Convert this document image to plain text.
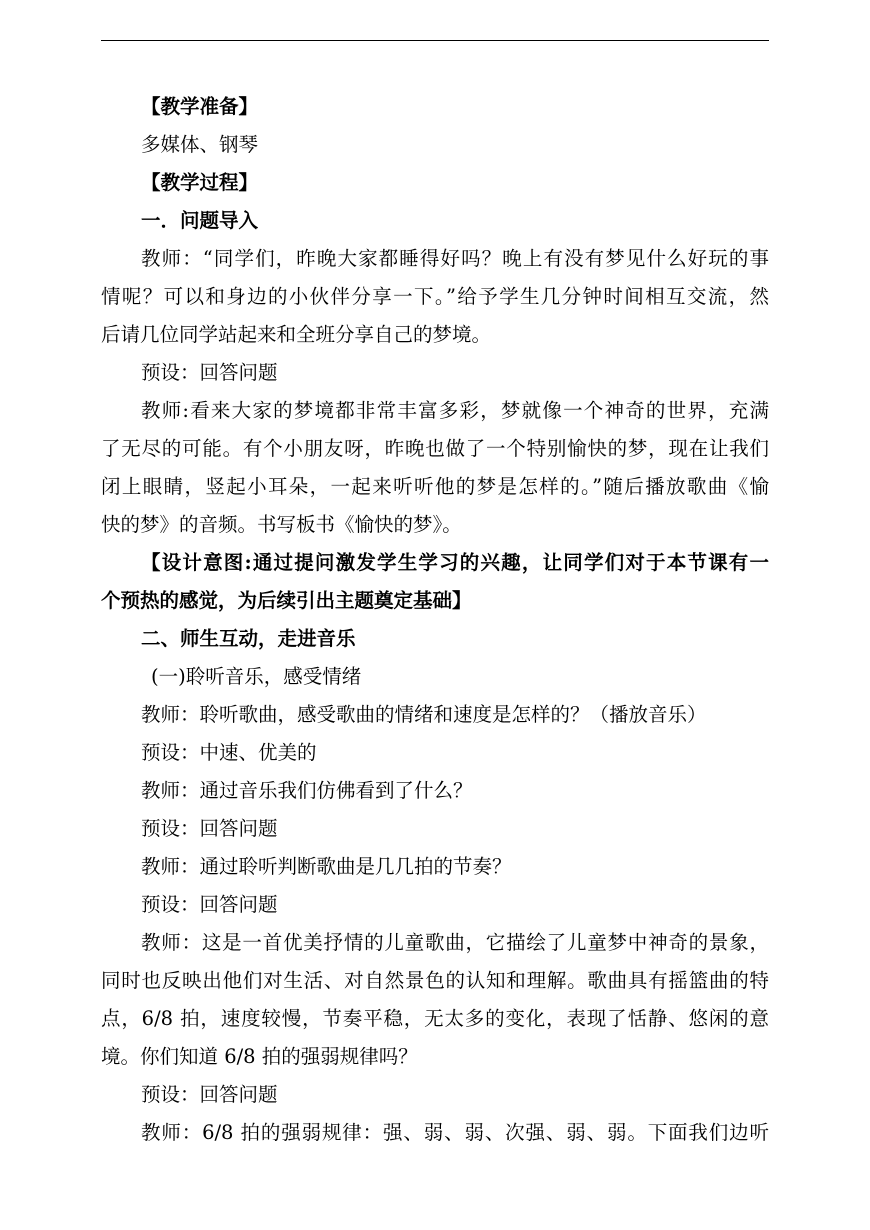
【教学准备】
多媒体、钢琴
【教学过程】
一．问题导入
教师：“同学们，昨晚大家都睡得好吗？晚上有没有梦见什么好玩的事
情呢？可以和身边的小伙伴分享一下。”给予学生几分钟时间相互交流，然
后请几位同学站起来和全班分享自己的梦境。
预设：回答问题
教师:看来大家的梦境都非常丰富多彩，梦就像一个神奇的世界，充满
了无尽的可能。有个小朋友呀，昨晚也做了一个特别愉快的梦，现在让我们
闭上眼睛，竖起小耳朵，一起来听听他的梦是怎样的。”随后播放歌曲《愉
快的梦》的音频。书写板书《愉快的梦》。
【设计意图:通过提问激发学生学习的兴趣，让同学们对于本节课有一
个预热的感觉，为后续引出主题奠定基础】
二、师生互动，走进音乐
(一)聆听音乐，感受情绪
教师：聆听歌曲，感受歌曲的情绪和速度是怎样的？（播放音乐）
预设：中速、优美的
教师：通过音乐我们仿佛看到了什么？
预设：回答问题
教师：通过聆听判断歌曲是几几拍的节奏？
预设：回答问题
教师：这是一首优美抒情的儿童歌曲，它描绘了儿童梦中神奇的景象，
同时也反映出他们对生活、对自然景色的认知和理解。歌曲具有摇篮曲的特
点，6/8 拍，速度较慢，节奏平稳，无太多的变化，表现了恬静、悠闲的意
境。你们知道 6/8 拍的强弱规律吗？
预设：回答问题
教师：6/8 拍的强弱规律：强、弱、弱、次强、弱、弱。下面我们边听
